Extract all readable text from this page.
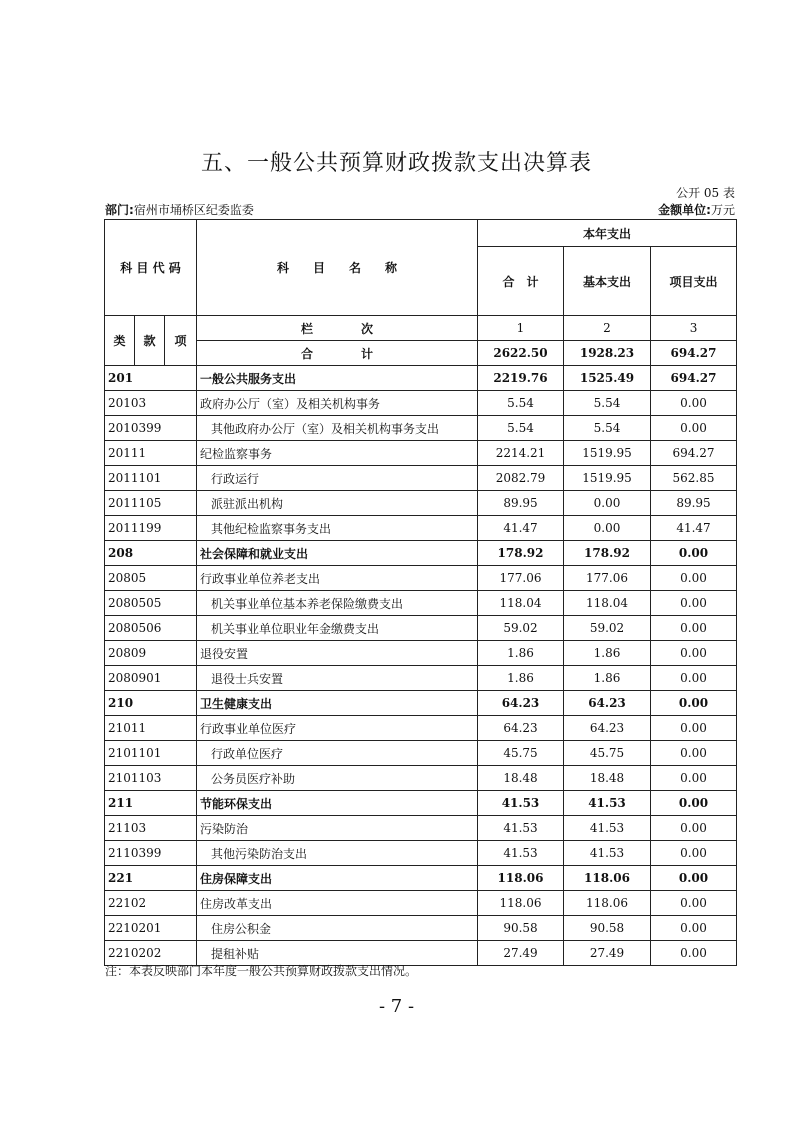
五、一般公共预算财政拨款支出决算表
公开 05 表
部门:宿州市埇桥区纪委监委	金额单位:万元
科 目 代 码			科　　目　　名　　称	本年支出		
				合　计	基本支出	项目支出
类	款	项	栏　　　　次	1	2	3
			合　　　　计	2622.50	1928.23	694.27
201			一般公共服务支出	2219.76	1525.49	694.27
20103			政府办公厅（室）及相关机构事务	5.54	5.54	0.00
2010399			其他政府办公厅（室）及相关机构事务支出	5.54	5.54	0.00
20111			纪检监察事务	2214.21	1519.95	694.27
2011101			行政运行	2082.79	1519.95	562.85
2011105			派驻派出机构	89.95	0.00	89.95
2011199			其他纪检监察事务支出	41.47	0.00	41.47
208			社会保障和就业支出	178.92	178.92	0.00
20805			行政事业单位养老支出	177.06	177.06	0.00
2080505			机关事业单位基本养老保险缴费支出	118.04	118.04	0.00
2080506			机关事业单位职业年金缴费支出	59.02	59.02	0.00
20809			退役安置	1.86	1.86	0.00
2080901			退役士兵安置	1.86	1.86	0.00
210			卫生健康支出	64.23	64.23	0.00
21011			行政事业单位医疗	64.23	64.23	0.00
2101101			行政单位医疗	45.75	45.75	0.00
2101103			公务员医疗补助	18.48	18.48	0.00
211			节能环保支出	41.53	41.53	0.00
21103			污染防治	41.53	41.53	0.00
2110399			其他污染防治支出	41.53	41.53	0.00
221			住房保障支出	118.06	118.06	0.00
22102			住房改革支出	118.06	118.06	0.00
2210201			住房公积金	90.58	90.58	0.00
2210202			提租补贴	27.49	27.49	0.00
注：本表反映部门本年度一般公共预算财政拨款支出情况。
- 7 -
